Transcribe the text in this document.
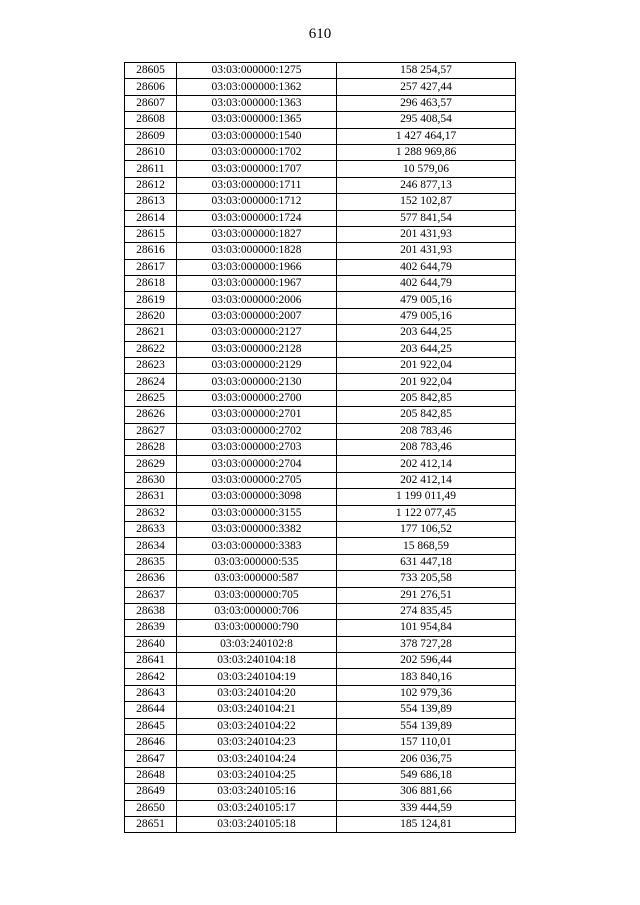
610
28605	03:03:000000:1275	158 254,57
28606	03:03:000000:1362	257 427,44
28607	03:03:000000:1363	296 463,57
28608	03:03:000000:1365	295 408,54
28609	03:03:000000:1540	1 427 464,17
28610	03:03:000000:1702	1 288 969,86
28611	03:03:000000:1707	10 579,06
28612	03:03:000000:1711	246 877,13
28613	03:03:000000:1712	152 102,87
28614	03:03:000000:1724	577 841,54
28615	03:03:000000:1827	201 431,93
28616	03:03:000000:1828	201 431,93
28617	03:03:000000:1966	402 644,79
28618	03:03:000000:1967	402 644,79
28619	03:03:000000:2006	479 005,16
28620	03:03:000000:2007	479 005,16
28621	03:03:000000:2127	203 644,25
28622	03:03:000000:2128	203 644,25
28623	03:03:000000:2129	201 922,04
28624	03:03:000000:2130	201 922,04
28625	03:03:000000:2700	205 842,85
28626	03:03:000000:2701	205 842,85
28627	03:03:000000:2702	208 783,46
28628	03:03:000000:2703	208 783,46
28629	03:03:000000:2704	202 412,14
28630	03:03:000000:2705	202 412,14
28631	03:03:000000:3098	1 199 011,49
28632	03:03:000000:3155	1 122 077,45
28633	03:03:000000:3382	177 106,52
28634	03:03:000000:3383	15 868,59
28635	03:03:000000:535	631 447,18
28636	03:03:000000:587	733 205,58
28637	03:03:000000:705	291 276,51
28638	03:03:000000:706	274 835,45
28639	03:03:000000:790	101 954,84
28640	03:03:240102:8	378 727,28
28641	03:03:240104:18	202 596,44
28642	03:03:240104:19	183 840,16
28643	03:03:240104:20	102 979,36
28644	03:03:240104:21	554 139,89
28645	03:03:240104:22	554 139,89
28646	03:03:240104:23	157 110,01
28647	03:03:240104:24	206 036,75
28648	03:03:240104:25	549 686,18
28649	03:03:240105:16	306 881,66
28650	03:03:240105:17	339 444,59
28651	03:03:240105:18	185 124,81
